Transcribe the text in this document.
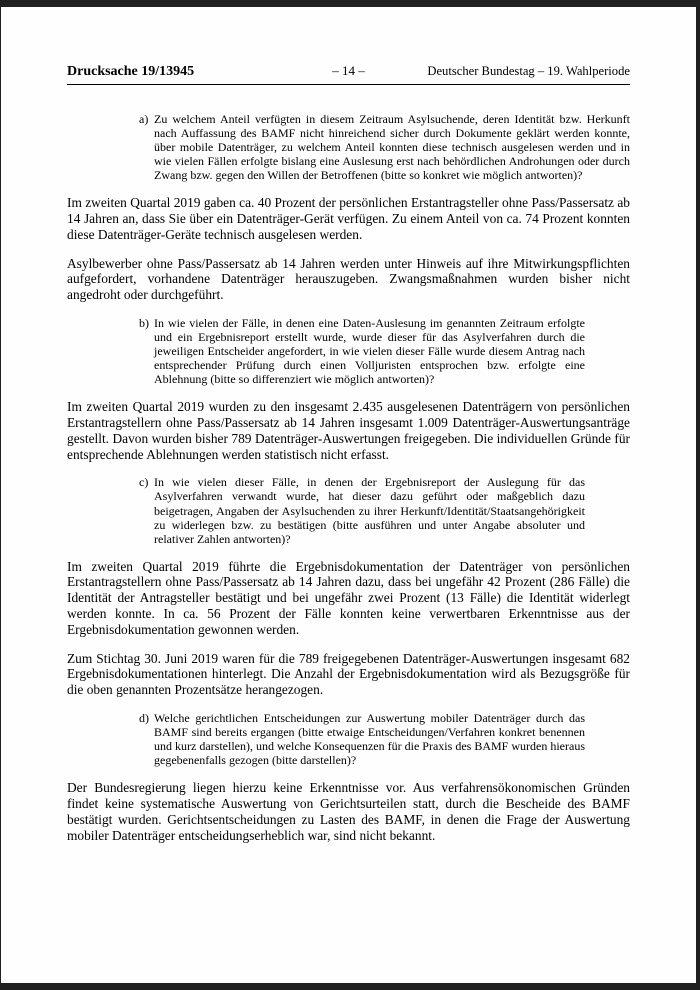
Drucksache 19/13945	– 14 –	Deutscher Bundestag – 19. Wahlperiode
a) Zu welchem Anteil verfügten in diesem Zeitraum Asylsuchende, deren Identität bzw. Herkunft nach Auffassung des BAMF nicht hinreichend sicher durch Dokumente geklärt werden konnte, über mobile Datenträger, zu welchem Anteil konnten diese technisch ausgelesen werden und in wie vielen Fällen erfolgte bislang eine Auslesung erst nach behördlichen Androhungen oder durch Zwang bzw. gegen den Willen der Betroffenen (bitte so konkret wie möglich antworten)?

Im zweiten Quartal 2019 gaben ca. 40 Prozent der persönlichen Erstantragsteller ohne Pass/Passersatz ab 14 Jahren an, dass Sie über ein Datenträger-Gerät verfügen. Zu einem Anteil von ca. 74 Prozent konnten diese Datenträger-Geräte technisch ausgelesen werden.

Asylbewerber ohne Pass/Passersatz ab 14 Jahren werden unter Hinweis auf ihre Mitwirkungspflichten aufgefordert, vorhandene Datenträger herauszugeben. Zwangsmaßnahmen wurden bisher nicht angedroht oder durchgeführt.

b) In wie vielen der Fälle, in denen eine Daten-Auslesung im genannten Zeitraum erfolgte und ein Ergebnisreport erstellt wurde, wurde dieser für das Asylverfahren durch die jeweiligen Entscheider angefordert, in wie vielen dieser Fälle wurde diesem Antrag nach entsprechender Prüfung durch einen Volljuristen entsprochen bzw. erfolgte eine Ablehnung (bitte so differenziert wie möglich antworten)?

Im zweiten Quartal 2019 wurden zu den insgesamt 2.435 ausgelesenen Datenträgern von persönlichen Erstantragstellern ohne Pass/Passersatz ab 14 Jahren insgesamt 1.009 Datenträger-Auswertungsanträge gestellt. Davon wurden bisher 789 Datenträger-Auswertungen freigegeben. Die individuellen Gründe für entsprechende Ablehnungen werden statistisch nicht erfasst.

c) In wie vielen dieser Fälle, in denen der Ergebnisreport der Auslegung für das Asylverfahren verwandt wurde, hat dieser dazu geführt oder maßgeblich dazu beigetragen, Angaben der Asylsuchenden zu ihrer Herkunft/Identität/Staatsangehörigkeit zu widerlegen bzw. zu bestätigen (bitte ausführen und unter Angabe absoluter und relativer Zahlen antworten)?

Im zweiten Quartal 2019 führte die Ergebnisdokumentation der Datenträger von persönlichen Erstantragstellern ohne Pass/Passersatz ab 14 Jahren dazu, dass bei ungefähr 42 Prozent (286 Fälle) die Identität der Antragsteller bestätigt und bei ungefähr zwei Prozent (13 Fälle) die Identität widerlegt werden konnte. In ca. 56 Prozent der Fälle konnten keine verwertbaren Erkenntnisse aus der Ergebnisdokumentation gewonnen werden.

Zum Stichtag 30. Juni 2019 waren für die 789 freigegebenen Datenträger-Auswertungen insgesamt 682 Ergebnisdokumentationen hinterlegt. Die Anzahl der Ergebnisdokumentation wird als Bezugsgröße für die oben genannten Prozentsätze herangezogen.

d) Welche gerichtlichen Entscheidungen zur Auswertung mobiler Datenträger durch das BAMF sind bereits ergangen (bitte etwaige Entscheidungen/Verfahren konkret benennen und kurz darstellen), und welche Konsequenzen für die Praxis des BAMF wurden hieraus gegebenenfalls gezogen (bitte darstellen)?

Der Bundesregierung liegen hierzu keine Erkenntnisse vor. Aus verfahrensökonomischen Gründen findet keine systematische Auswertung von Gerichtsurteilen statt, durch die Bescheide des BAMF bestätigt wurden. Gerichtsentscheidungen zu Lasten des BAMF, in denen die Frage der Auswertung mobiler Datenträger entscheidungserheblich war, sind nicht bekannt.
